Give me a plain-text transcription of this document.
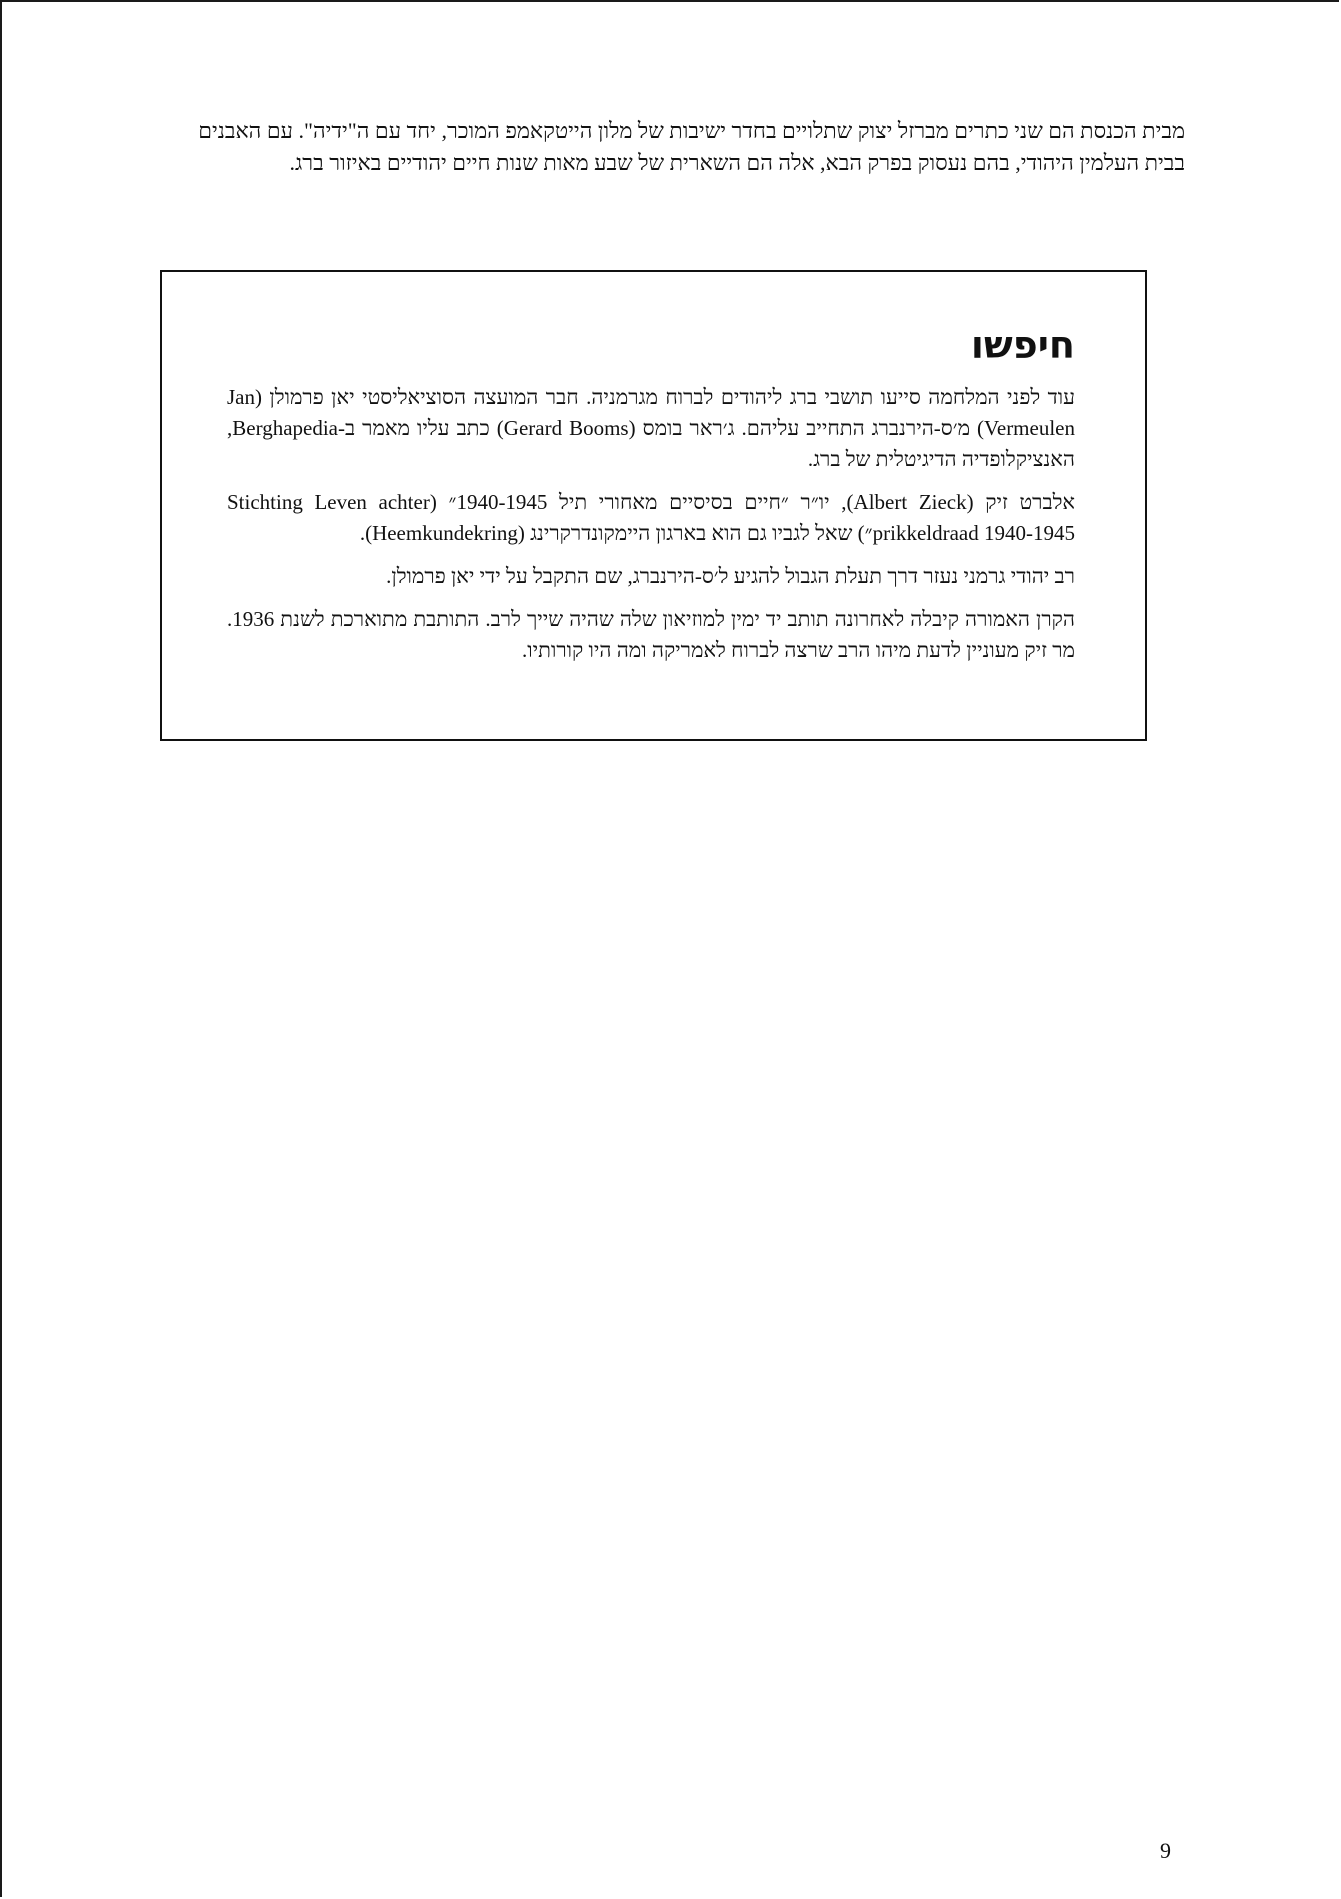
מבית הכנסת הם שני כתרים מברזל יצוק שתלויים בחדר ישיבות של מלון הייטקאמפ המוכר, יחד עם ה"ידיה". עם האבנים בבית העלמין היהודי, בהם נעסוק בפרק הבא, אלה הם השארית של שבע מאות שנות חיים יהודיים באיזור ברג.

חיפשו

עוד לפני המלחמה סייעו תושבי ברג ליהודים לברוח מגרמניה. חבר המועצה הסוציאליסטי יאן פרמולן (Jan Vermeulen) מ׳ס-הירנברג התחייב עליהם. ג׳ראר בומס (Gerard Booms) כתב עליו מאמר ב-Berghapedia, האנציקלופדיה הדיגיטלית של ברג.

אלברט זיק (Albert Zieck), יו״ר ״חיים בסיסיים מאחורי תיל 1940-1945״ (Stichting Leven achter prikkeldraad 1940-1945״) שאל לגביו גם הוא בארגון היימקונדרקרינג (Heemkundekring).

רב יהודי גרמני נעזר דרך תעלת הגבול להגיע ל׳ס-הירנברג, שם התקבל על ידי יאן פרמולן.

הקרן האמורה קיבלה לאחרונה תותב יד ימין למוזיאון שלה שהיה שייך לרב. התותבת מתוארכת לשנת 1936. מר זיק מעוניין לדעת מיהו הרב שרצה לברוח לאמריקה ומה היו קורותיו.

9
